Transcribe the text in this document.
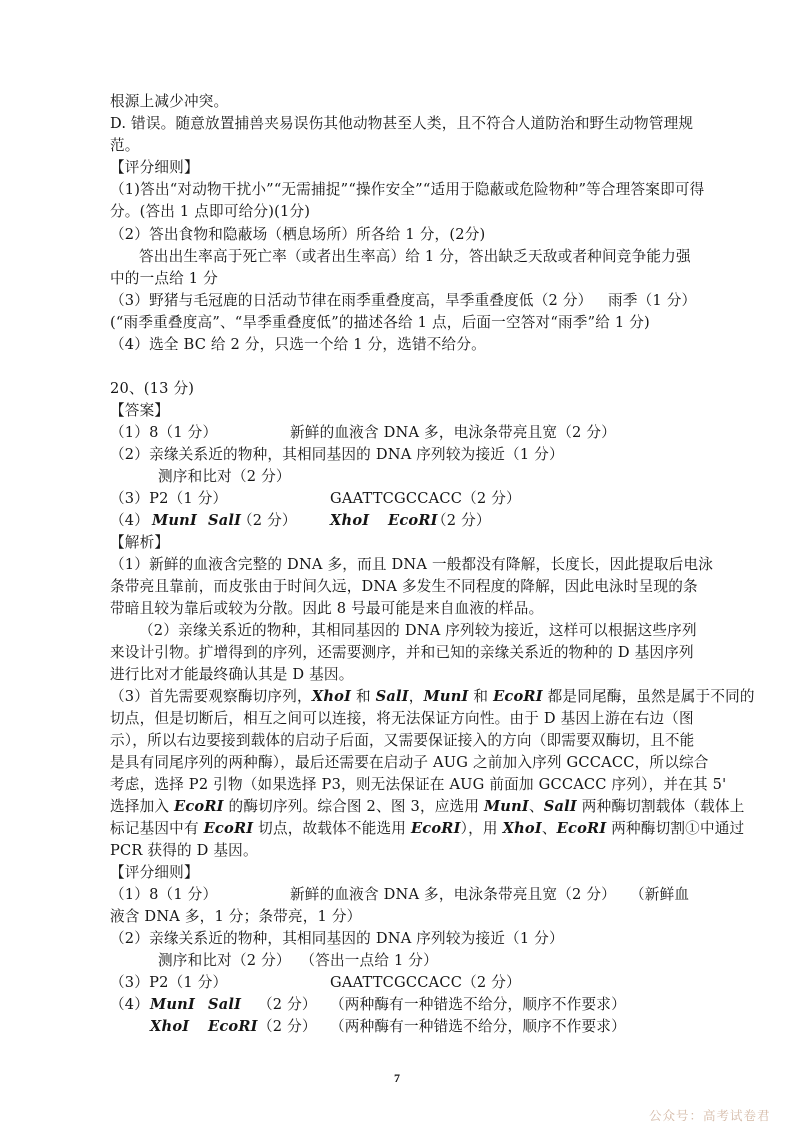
根源上减少冲突。
D. 错误。随意放置捕兽夹易误伤其他动物甚至人类，且不符合人道防治和野生动物管理规
范。
【评分细则】
（1)答出“对动物干扰小”“无需捕捉”“操作安全”“适用于隐蔽或危险物种”等合理答案即可得
分。(答出 1 点即可给分)(1分)
（2）答出食物和隐蔽场（栖息场所）所各给 1 分，(2分)
答出出生率高于死亡率（或者出生率高）给 1 分，答出缺乏天敌或者种间竞争能力强
中的一点给 1 分
（3）野猪与毛冠鹿的日活动节律在雨季重叠度高，旱季重叠度低（2 分） 雨季（1 分）
(“雨季重叠度高”、“旱季重叠度低”的描述各给 1 点，后面一空答对“雨季”给 1 分)
（4）选全 BC 给 2 分，只选一个给 1 分，选错不给分。
20、(13 分)
【答案】
（1）8（1 分）	新鲜的血液含 DNA 多，电泳条带亮且宽（2 分）
（2）亲缘关系近的物种，其相同基因的 DNA 序列较为接近（1 分）
测序和比对（2 分）
（3）P2（1 分）	GAATTCGCCACC（2 分）
（4） MunI SalI
（2 分） XhoI EcoRI
（2 分）
【解析】
（1）新鲜的血液含完整的 DNA 多，而且 DNA 一般都没有降解，长度长，因此提取后电泳
条带亮且靠前，而皮张由于时间久远，DNA 多发生不同程度的降解，因此电泳时呈现的条
带暗且较为靠后或较为分散。因此 8 号最可能是来自血液的样品。
（2）亲缘关系近的物种，其相同基因的 DNA 序列较为接近，这样可以根据这些序列
来设计引物。扩增得到的序列，还需要测序，并和已知的亲缘关系近的物种的 D 基因序列
进行比对才能最终确认其是 D 基因。
（3）首先需要观察酶切序列，XhoI 和 SalI，MunI 和 EcoRI 都是同尾酶，虽然是属于不同的
切点，但是切断后，相互之间可以连接，将无法保证方向性。由于 D 基因上游在右边（图
示），所以右边要接到载体的启动子后面，又需要保证接入的方向（即需要双酶切，且不能
是具有同尾序列的两种酶），最后还需要在启动子 AUG 之前加入序列 GCCACC，所以综合
考虑，选择 P2 引物（如果选择 P3，则无法保证在 AUG 前面加 GCCACC 序列），并在其 5'
选择加入 EcoRI 的酶切序列。综合图 2、图 3，应选用 MunI、SalI 两种酶切割载体（载体上
标记基因中有 EcoRI 切点，故载体不能选用 EcoRI），用 XhoI、EcoRI 两种酶切割①中通过
PCR 获得的 D 基因。
【评分细则】
（1）8（1 分）	新鲜的血液含 DNA 多，电泳条带亮且宽（2 分） （新鲜血
液含 DNA 多，1 分；条带亮，1 分）
（2）亲缘关系近的物种，其相同基因的 DNA 序列较为接近（1 分）
测序和比对（2 分）  （答出一点给 1 分）
（3）P2（1 分）	GAATTCGCCACC（2 分）
（4） MunI SalI （2 分） （两种酶有一种错选不给分，顺序不作要求）
XhoI EcoRI （2 分） （两种酶有一种错选不给分，顺序不作要求）
7
公众号：高考试卷君
